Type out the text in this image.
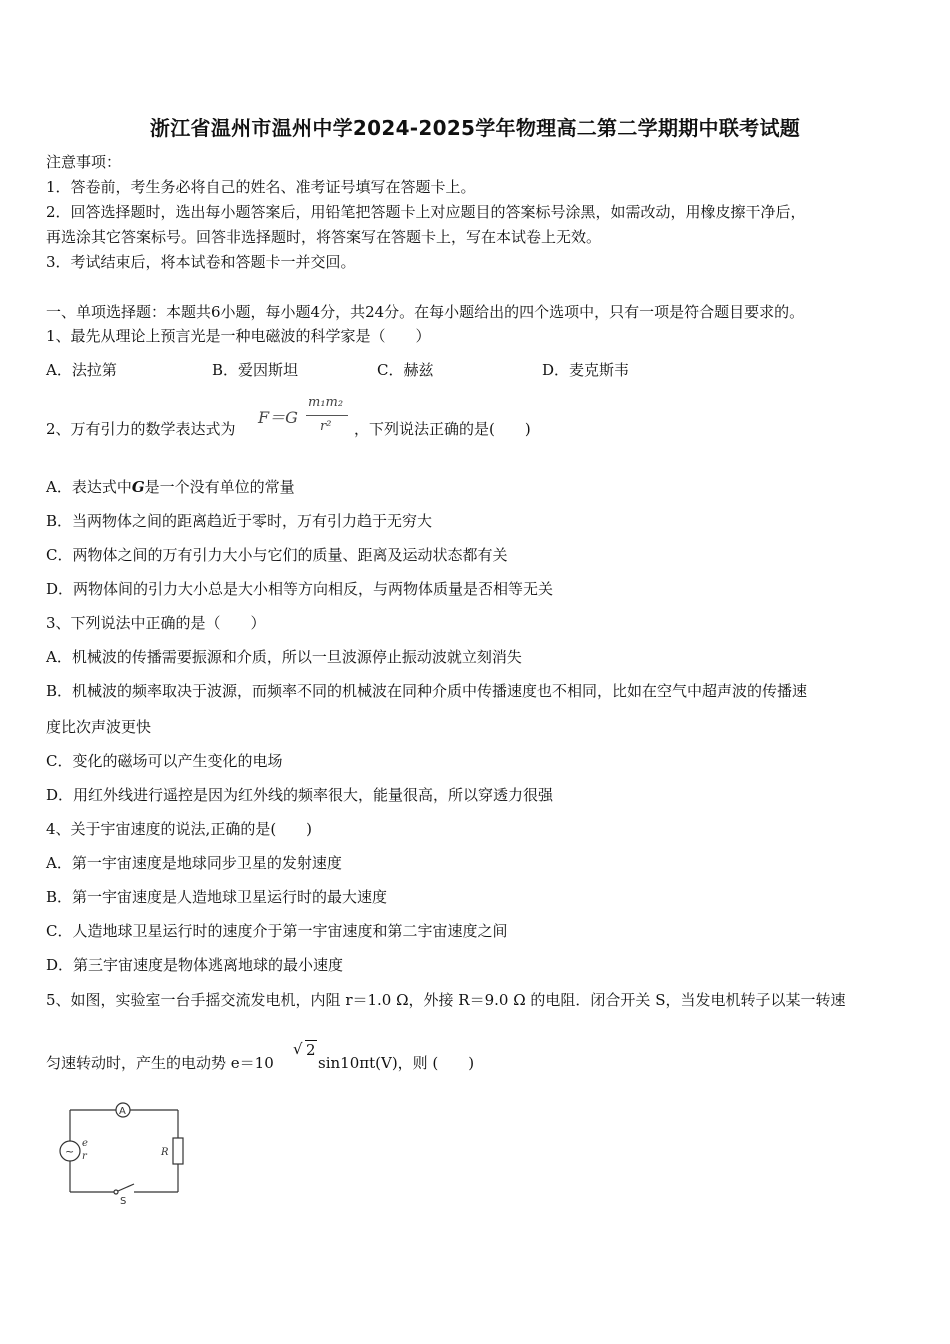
浙江省温州市温州中学2024-2025学年物理高二第二学期期中联考试题
注意事项：
1．答卷前，考生务必将自己的姓名、准考证号填写在答题卡上。
2．回答选择题时，选出每小题答案后，用铅笔把答题卡上对应题目的答案标号涂黑，如需改动，用橡皮擦干净后，
再选涂其它答案标号。回答非选择题时，将答案写在答题卡上，写在本试卷上无效。
3．考试结束后，将本试卷和答题卡一并交回。
一、单项选择题：本题共6小题，每小题4分，共24分。在每小题给出的四个选项中，只有一项是符合题目要求的。
1、最先从理论上预言光是一种电磁波的科学家是（　　）
A．法拉第	B．爱因斯坦	C．赫兹	D．麦克斯韦
2、万有引力的数学表达式为
F＝G
m₁m₂
r² ，下列说法正确的是(　　)
A．表达式中G是一个没有单位的常量
B．当两物体之间的距离趋近于零时，万有引力趋于无穷大
C．两物体之间的万有引力大小与它们的质量、距离及运动状态都有关
D．两物体间的引力大小总是大小相等方向相反，与两物体质量是否相等无关
3、下列说法中正确的是（　　）
A．机械波的传播需要振源和介质，所以一旦波源停止振动波就立刻消失
B．机械波的频率取决于波源，而频率不同的机械波在同种介质中传播速度也不相同，比如在空气中超声波的传播速
度比次声波更快
C．变化的磁场可以产生变化的电场
D．用红外线进行遥控是因为红外线的频率很大，能量很高，所以穿透力很强
4、关于宇宙速度的说法,正确的是(　　)
A．第一宇宙速度是地球同步卫星的发射速度
B．第一宇宙速度是人造地球卫星运行时的最大速度
C．人造地球卫星运行时的速度介于第一宇宙速度和第二宇宙速度之间
D．第三宇宙速度是物体逃离地球的最小速度
5、如图，实验室一台手摇交流发电机，内阻 r＝1.0 Ω，外接 R＝9.0 Ω 的电阻．闭合开关 S，当发电机转子以某一转速
匀速转动时，产生的电动势 e＝10
√ 2
sin10πt(V)，则 (　　)
A
~
e
r	R
S
